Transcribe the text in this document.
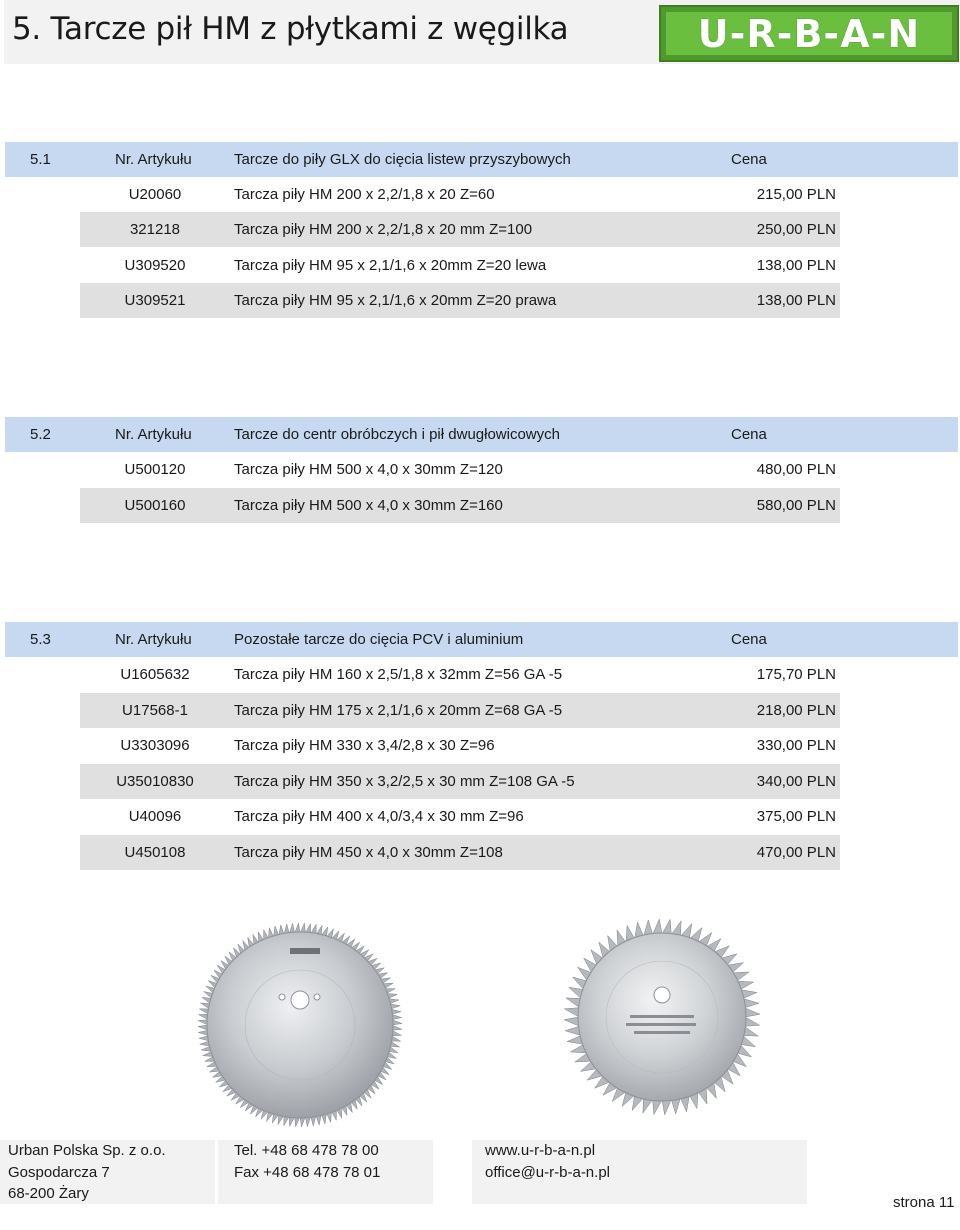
5. Tarcze pił HM z płytkami z węgilka	U-R-B-A-N
5.1	Nr. Artykułu	Tarcze do piły GLX do cięcia listew przyszybowych	Cena
U20060	Tarcza piły HM 200 x 2,2/1,8 x 20 Z=60	215,00 PLN
321218	Tarcza piły HM 200 x 2,2/1,8 x 20 mm Z=100	250,00 PLN
U309520	Tarcza piły HM 95 x 2,1/1,6 x 20mm Z=20 lewa	138,00 PLN
U309521	Tarcza piły HM 95 x 2,1/1,6 x 20mm Z=20 prawa	138,00 PLN
5.2	Nr. Artykułu	Tarcze do centr obróbczych i pił dwugłowicowych	Cena
U500120	Tarcza piły HM 500 x 4,0 x 30mm Z=120	480,00 PLN
U500160	Tarcza piły HM 500 x 4,0 x 30mm Z=160	580,00 PLN
5.3	Nr. Artykułu	Pozostałe tarcze do cięcia PCV i aluminium	Cena
U1605632	Tarcza piły HM 160 x 2,5/1,8 x 32mm Z=56 GA -5	175,70 PLN
U17568-1	Tarcza piły HM 175 x 2,1/1,6 x 20mm Z=68 GA -5	218,00 PLN
U3303096	Tarcza piły HM 330 x 3,4/2,8 x 30 Z=96	330,00 PLN
U35010830	Tarcza piły HM 350 x 3,2/2,5 x 30 mm Z=108 GA -5	340,00 PLN
U40096	Tarcza piły HM 400 x 4,0/3,4 x 30 mm Z=96	375,00 PLN
U450108	Tarcza piły HM 450 x 4,0 x 30mm Z=108	470,00 PLN
Urban Polska Sp. z o.o.
Gospodarcza 7
68-200 Żary
Tel. +48 68 478 78 00
Fax +48 68 478 78 01
www.u-r-b-a-n.pl
office@u-r-b-a-n.pl
strona 11
